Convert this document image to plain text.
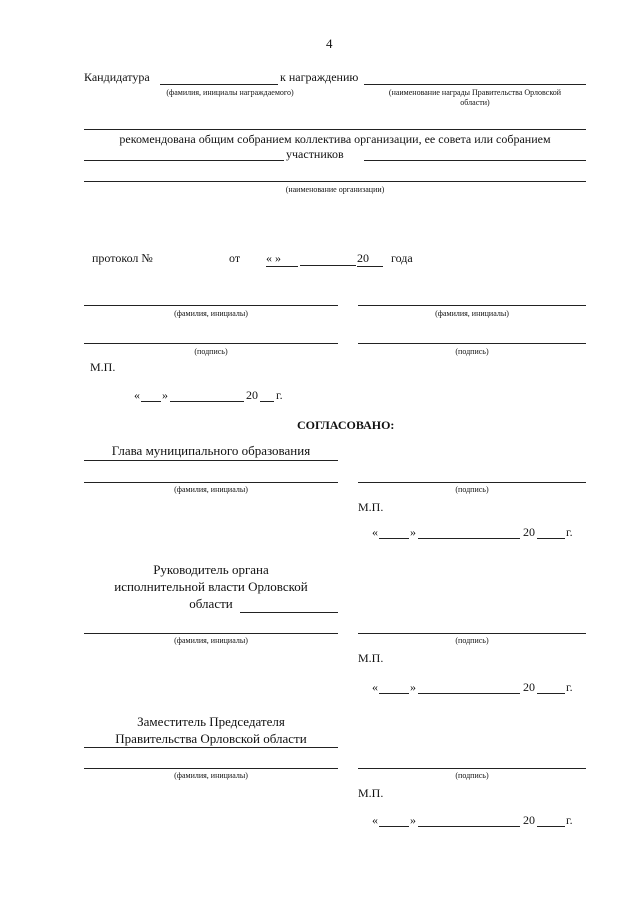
4
Кандидатура	к награждению
(фамилия, инициалы награждаемого)	(наименование награды Правительства Орловской
области)
рекомендована общим собранием коллектива организации, ее совета или собранием
участников
(наименование организации)
протокол №	от « »	20	года
(фамилия, инициалы)	(фамилия, инициалы)
(подпись)	(подпись)
М.П.
« »	20 г.
СОГЛАСОВАНО:
Глава муниципального образования
(фамилия, инициалы)	(подпись)
М.П.
«	»	20	г.
Руководитель органа
исполнительной власти Орловской
области
(фамилия, инициалы)	(подпись)
М.П.
«	»	20	г.
Заместитель Председателя
Правительства Орловской области
(фамилия, инициалы)	(подпись)
М.П.
«	»	20	г.
